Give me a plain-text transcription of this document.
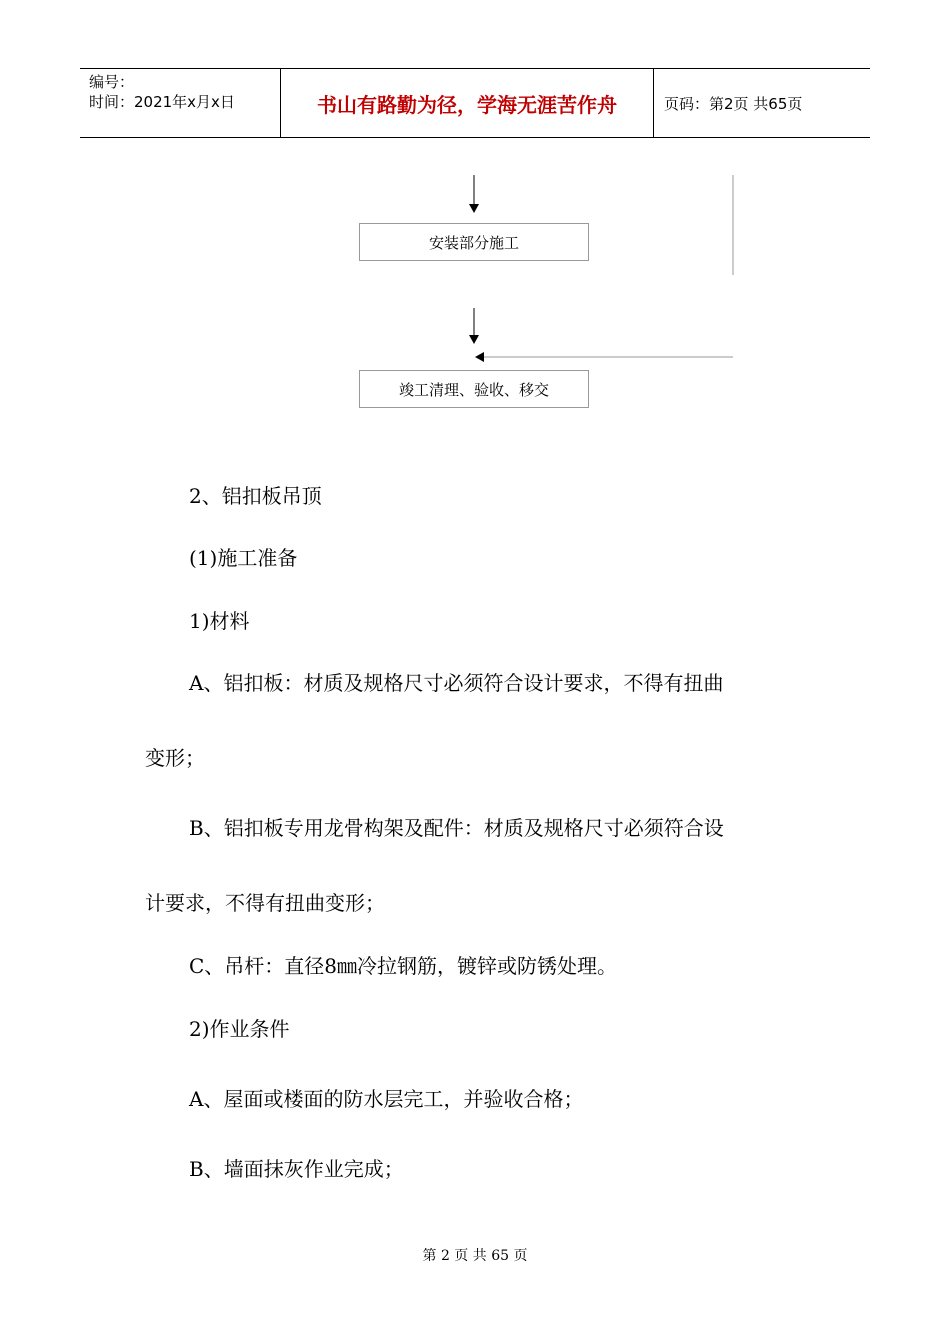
编号：
时间：2021年x月x日	书山有路勤为径，学海无涯苦作舟	页码：第2页 共65页
安装部分施工
竣工清理、验收、移交
2、铝扣板吊顶
(1)施工准备
1)材料
A、铝扣板：材质及规格尺寸必须符合设计要求，不得有扭曲
变形；
B、铝扣板专用龙骨构架及配件：材质及规格尺寸必须符合设
计要求，不得有扭曲变形；
C、吊杆：直径8㎜冷拉钢筋，镀锌或防锈处理。
2)作业条件
A、屋面或楼面的防水层完工，并验收合格；
B、墙面抹灰作业完成；
第 2 页 共 65 页
